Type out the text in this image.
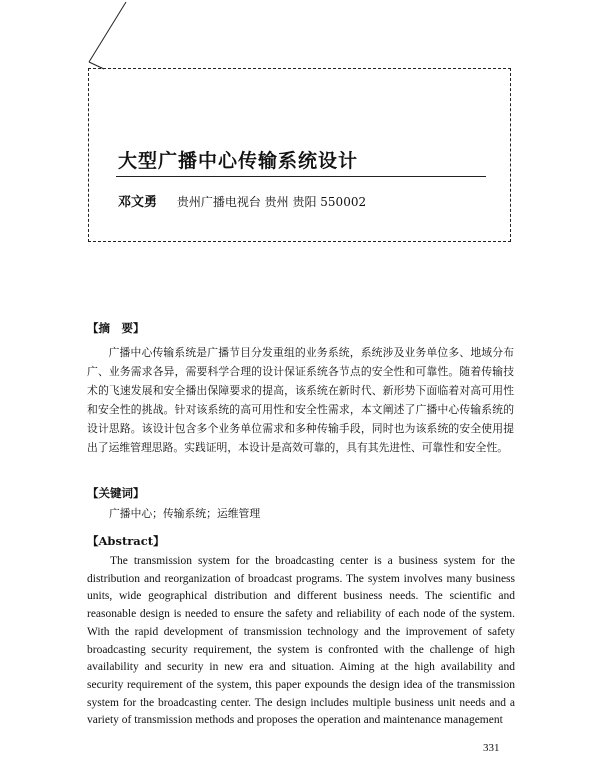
大型广播中心传输系统设计
邓文勇 贵州广播电视台 贵州 贵阳 550002
【摘　要】

广播中心传输系统是广播节目分发重组的业务系统，系统涉及业务单位多、地域分布广、业务需求各异，需要科学合理的设计保证系统各节点的安全性和可靠性。随着传输技术的飞速发展和安全播出保障要求的提高，该系统在新时代、新形势下面临着对高可用性和安全性的挑战。针对该系统的高可用性和安全性需求，本文阐述了广播中心传输系统的设计思路。该设计包含多个业务单位需求和多种传输手段，同时也为该系统的安全使用提出了运维管理思路。实践证明，本设计是高效可靠的，具有其先进性、可靠性和安全性。

【关键词】

广播中心；传输系统；运维管理

【Abstract】

The transmission system for the broadcasting center is a business system for the distribution and reorganization of broadcast programs. The system involves many business units, wide geographical distribution and different business needs. The scientific and reasonable design is needed to ensure the safety and reliability of each node of the system. With the rapid development of transmission technology and the improvement of safety broadcasting security requirement, the system is confronted with the challenge of high availability and security in new era and situation. Aiming at the high availability and security requirement of the system, this paper expounds the design idea of the transmission system for the broadcasting center. The design includes multiple business unit needs and a variety of transmission methods and proposes the operation and maintenance management

331
